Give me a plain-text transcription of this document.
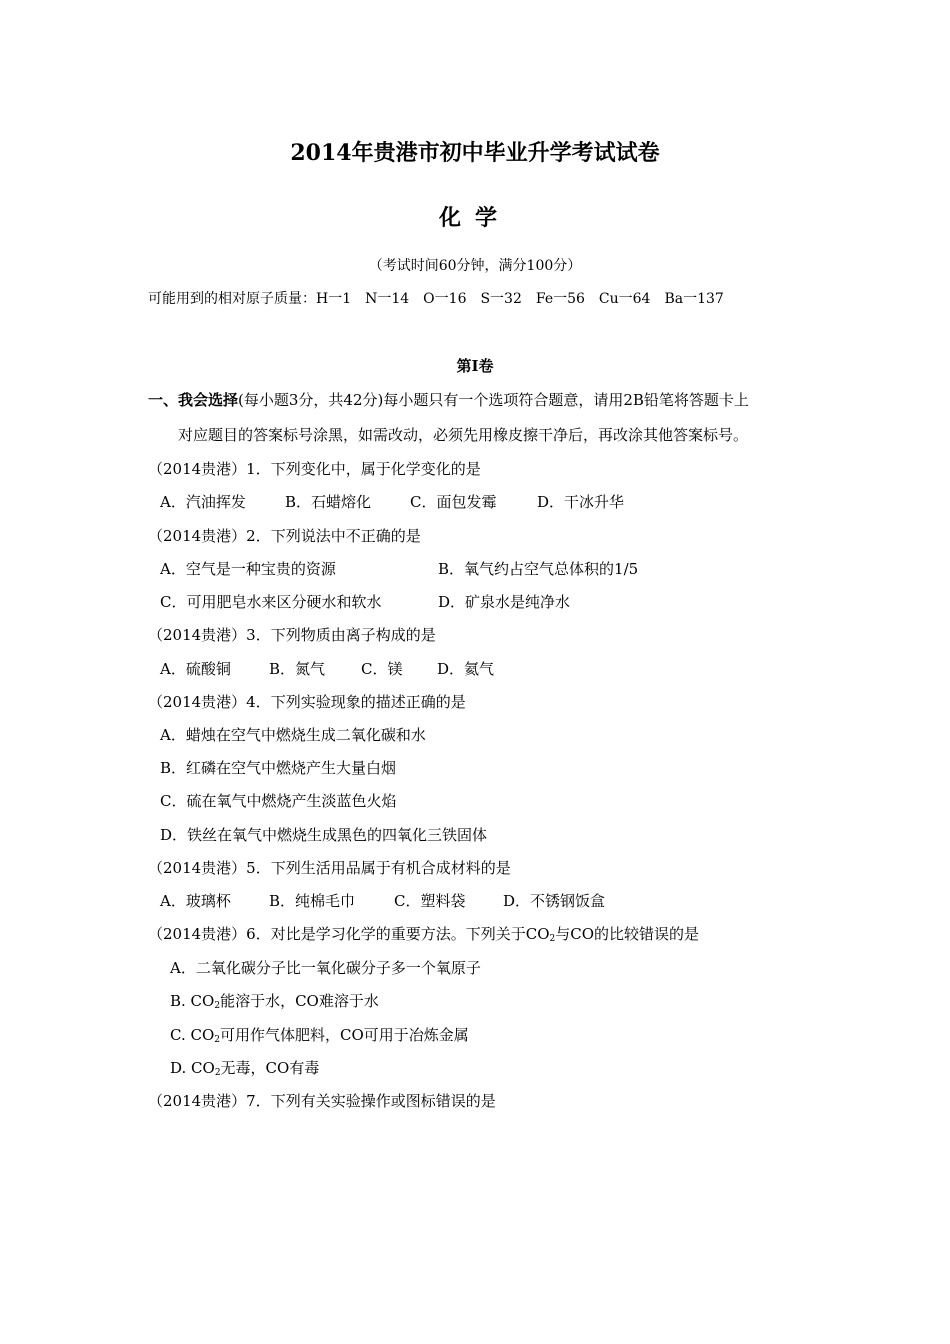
2014年贵港市初中毕业升学考试试卷
化学
（考试时间60分钟，满分100分）
可能用到的相对原子质量：H一1　N一14　O一16　S一32　Fe一56　Cu一64　Ba一137
第Ⅰ卷
一、我会选择(每小题3分，共42分)每小题只有一个选项符合题意，请用2B铅笔将答题卡上
对应题目的答案标号涂黑，如需改动，必须先用橡皮擦干净后，再改涂其他答案标号。
（2014贵港）1．下列变化中，属于化学变化的是
A．汽油挥发	B．石蜡熔化	C．面包发霉	D．干冰升华
（2014贵港）2．下列说法中不正确的是
A．空气是一种宝贵的资源	B．氧气约占空气总体积的1/5
C．可用肥皂水来区分硬水和软水	D．矿泉水是纯净水
（2014贵港）3．下列物质由离子构成的是
A．硫酸铜	B．氮气 C．镁 D．氦气
（2014贵港）4．下列实验现象的描述正确的是
A．蜡烛在空气中燃烧生成二氧化碳和水
B．红磷在空气中燃烧产生大量白烟
C．硫在氧气中燃烧产生淡蓝色火焰
D．铁丝在氧气中燃烧生成黑色的四氧化三铁固体
（2014贵港）5．下列生活用品属于有机合成材料的是
A．玻璃杯	B．纯棉毛巾	C．塑料袋	D．不锈钢饭盒
（2014贵港）6．对比是学习化学的重要方法。下列关于$CO_2$与CO的比较错误的是
A．二氧化碳分子比一氧化碳分子多一个氧原子
B. $CO_2$能溶于水，CO难溶于水
C. $CO_2$可用作气体肥料，CO可用于冶炼金属
D. $CO_2$无毒，CO有毒
（2014贵港）7．下列有关实验操作或图标错误的是
